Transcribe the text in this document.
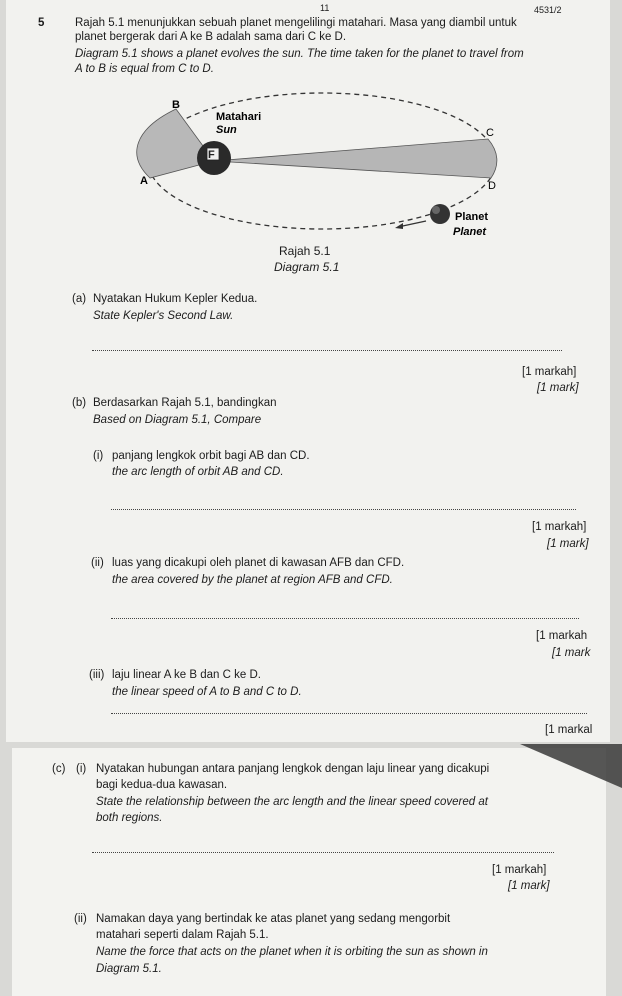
11	4531/2
5	Rajah 5.1 menunjukkan sebuah planet mengelilingi matahari. Masa yang diambil untuk
planet bergerak dari A ke B adalah sama dari C ke D.
Diagram 5.1 shows a planet evolves the sun. The time taken for the planet to travel from
A to B is equal from C to D.
F
B
C
A	D
Matahari
Sun
Planet
Planet
Rajah 5.1
Diagram 5.1
(a) Nyatakan Hukum Kepler Kedua.
State Kepler's Second Law.
[1 markah]
[1 mark]
(b) Berdasarkan Rajah 5.1, bandingkan
Based on Diagram 5.1, Compare
(i) panjang lengkok orbit bagi AB dan CD.
the arc length of orbit AB and CD.
[1 markah]
[1 mark]
(ii) luas yang dicakupi oleh planet di kawasan AFB dan CFD.
the area covered by the planet at region AFB and CFD.
[1 markah
[1 mark
(iii) laju linear A ke B dan C ke D.
the linear speed of A to B and C to D.
[1 markal
(c) (i) Nyatakan hubungan antara panjang lengkok dengan laju linear yang dicakupi
bagi kedua-dua kawasan.
State the relationship between the arc length and the linear speed covered at
both regions.
[1 markah]
[1 mark]
(ii) Namakan daya yang bertindak ke atas planet yang sedang mengorbit
matahari seperti dalam Rajah 5.1.
Name the force that acts on the planet when it is orbiting the sun as shown in
Diagram 5.1.
